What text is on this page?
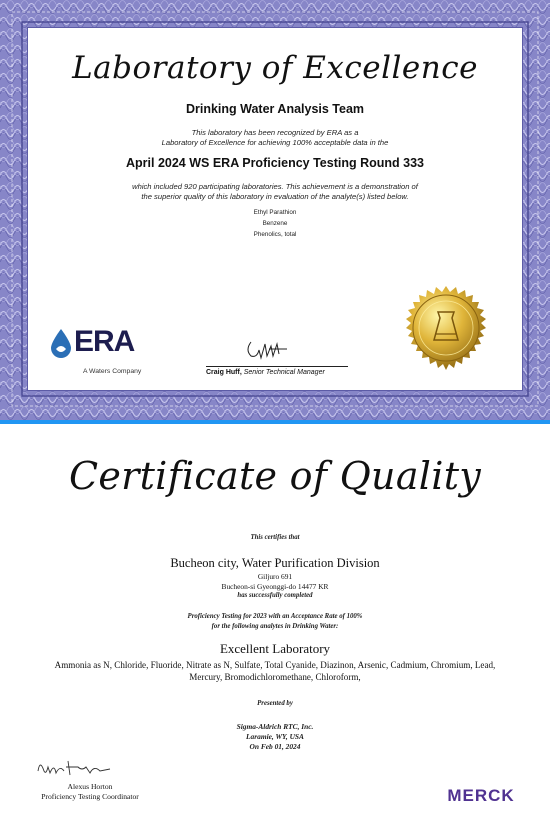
Laboratory of Excellence
Drinking Water Analysis Team
This laboratory has been recognized by ERA as a
Laboratory of Excellence for achieving 100% acceptable data in the
April 2024 WS ERA Proficiency Testing Round 333
which included 920 participating laboratories. This achievement is a demonstration of
the superior quality of this laboratory in evaluation of the analyte(s) listed below.
Ethyl Parathion
Benzene
Phenolics, total
ERA
A Waters Company	Craig Huff, Senior Technical Manager
Certificate of Quality
This certifies that
Bucheon city, Water Purification Division
Giljuro 691
Bucheon-si Gyeonggi-do 14477 KR
has successfully completed
Proficiency Testing for 2023 with an Acceptance Rate of 100%
for the following analytes in Drinking Water:
Excellent Laboratory
Ammonia as N, Chloride, Fluoride, Nitrate as N, Sulfate, Total Cyanide, Diazinon, Arsenic, Cadmium, Chromium, Lead,
Mercury, Bromodichloromethane, Chloroform,
Presented by
Sigma-Aldrich RTC, Inc.
Laramie, WY, USA
On Feb 01, 2024
Alexus Horton
Proficiency Testing Coordinator	MERCK
